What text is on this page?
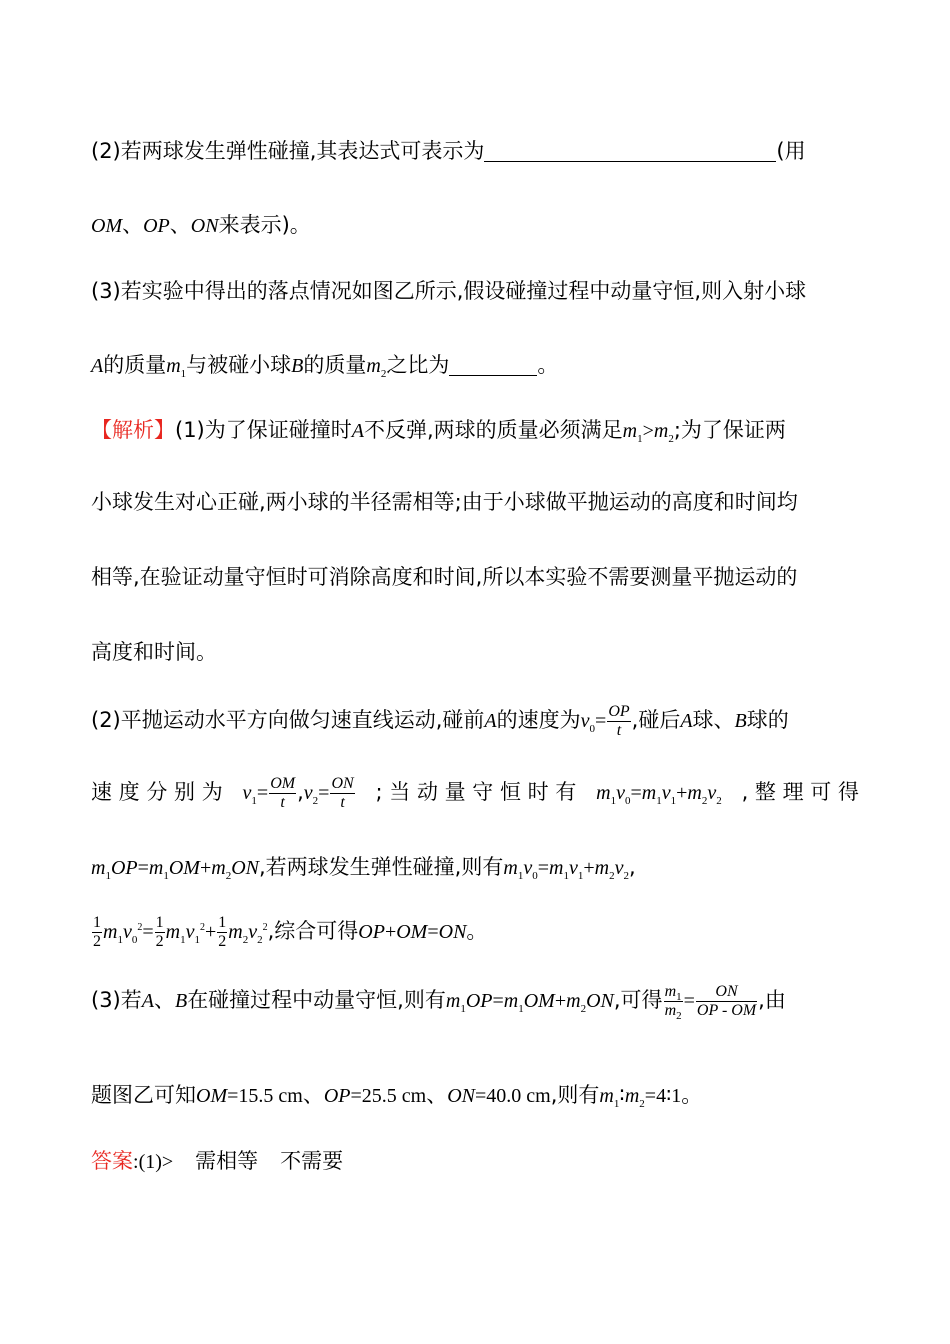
(2)若两球发生弹性碰撞,其表达式可表示为	(用
OM、OP、ON来表示)。
(3)若实验中得出的落点情况如图乙所示,假设碰撞过程中动量守恒,则入射小球
A的质量$m_1$与被碰小球B的质量$m_2$之比为	。
【解析】(1)为了保证碰撞时A不反弹,两球的质量必须满足$m_1>m_2$;为了保证两
小球发生对心正碰,两小球的半径需相等;由于小球做平抛运动的高度和时间均
相等,在验证动量守恒时可消除高度和时间,所以本实验不需要测量平抛运动的
高度和时间。
(2)平抛运动水平方向做匀速直线运动,碰前A的速度为$v_0= \frac{OP}{t}$ ,碰后A球、B球的
速 度 分 别 为 $v_1= \frac{OM}{t} ,v_2= \frac{ON}{t}$ ; 当 动 量 守 恒 时 有 $m_1v_0=m_1v_1+m_2v_2$ , 整 理 可 得
$m_1OP=m_1OM+m_2ON$,若两球发生弹性碰撞,则有$m_1v_0=m_1v_1+m_2v_2$,
$\frac{1}{2} m_1v_0^2= \frac{1}{2} m_1v_1^2+ \frac{1}{2} m_2v_2^2$,综合可得OP+OM=ON。
(3)若A、B在碰撞过程中动量守恒,则有$m_1OP=m_1OM+m_2ON$,可得 $\frac{m_1}{m_2} = \frac{ON}{OP - OM}$ ,由
题图乙可知OM=15.5 cm、OP=25.5 cm、ON=40.0 cm,则有$m_1∶m_2=4∶1$。
答案:(1)> 需相等 不需要
